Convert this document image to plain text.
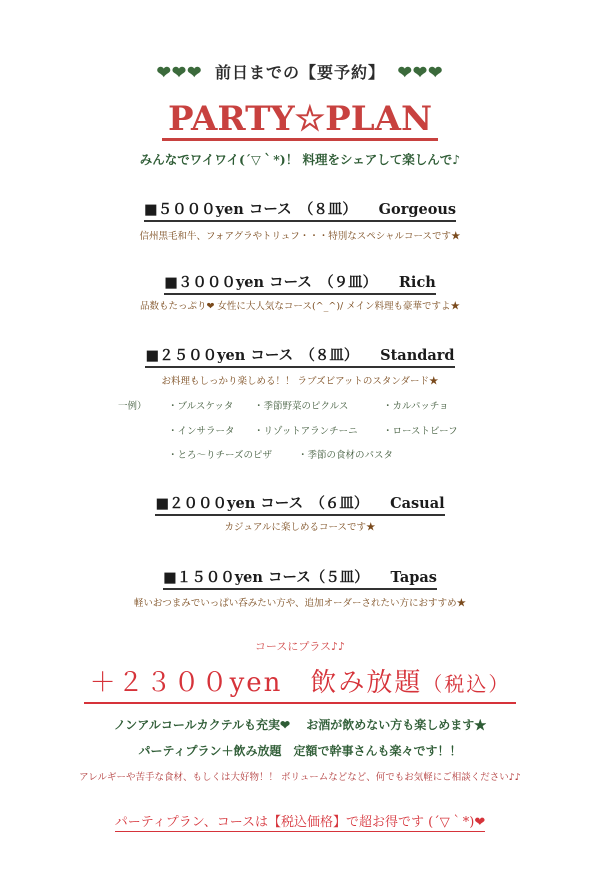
❤❤❤ 前日までの【要予約】 ❤❤❤
PARTY☆PLAN
みんなでワイワイ(´▽｀*)！ 料理をシェアして楽しんで♪
■５０００yen コース　（８皿）　　Gorgeous
信州黒毛和牛、フォアグラやトリュフ・・・特別なスペシャルコースです★
■３０００yen コース　（９皿）　　Rich
品数もたっぷり❤ 女性に大人気なコース(^_^)/ メイン料理も豪華ですよ★
■２５００yen コース　（８皿）　　Standard
お料理もしっかり楽しめる！！ ラブズビアットのスタンダード★
一例） ・ブルスケッタ ・季節野菜のピクルス	・カルパッチョ
・インサラータ ・リゾットアランチーニ	・ローストビーフ
・とろ～りチーズのピザ	・季節の食材のパスタ
■２０００yen コース　（６皿）　　Casual
カジュアルに楽しめるコースです★
■１５００yen コース（５皿）　　Tapas
軽いおつまみでいっぱい呑みたい方や、追加オーダーされたい方におすすめ★
コースにプラス♪♪
＋２３００yen　飲み放題（税込）
ノンアルコールカクテルも充実❤　 お酒が飲めない方も楽しめます★
パーティプラン＋飲み放題　定額で幹事さんも楽々です！！
アレルギーや苦手な食材、もしくは大好物！！ ボリュームなどなど、何でもお気軽にご相談ください♪♪
パーティプラン、コースは【税込価格】で超お得です (´▽｀*)❤
